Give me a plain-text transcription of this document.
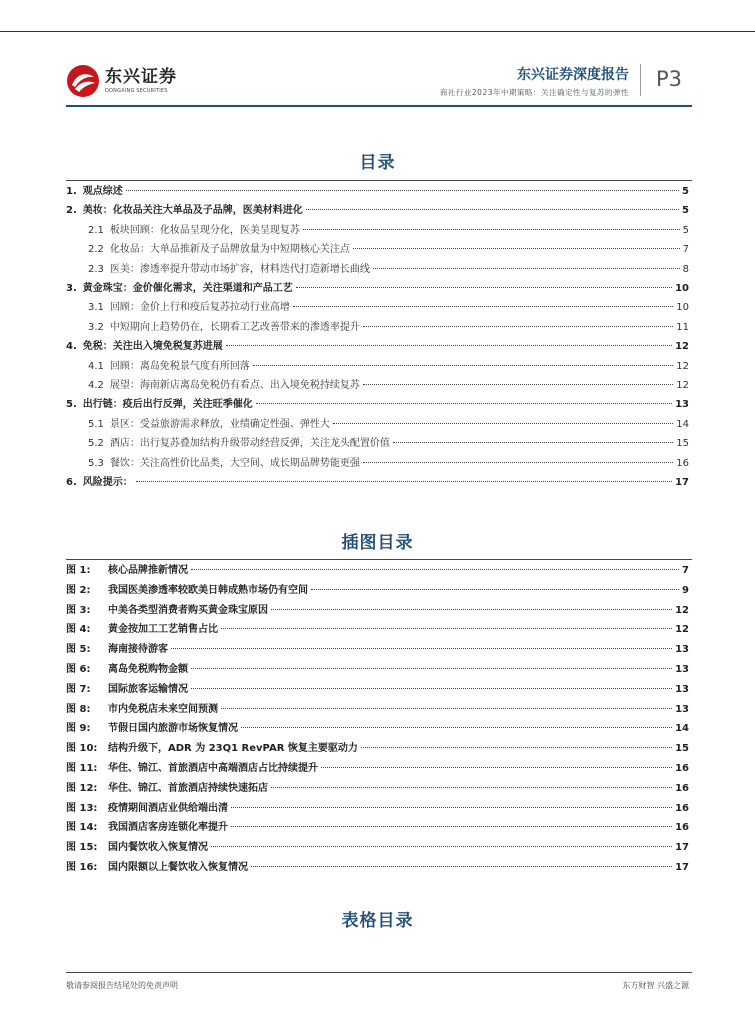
东兴证券
DONGXING SECURITIES
东兴证券深度报告
商社行业2023年中期策略：关注确定性与复苏的弹性
P3
目录
1. 观点综述	5
2. 美妆：化妆品关注大单品及子品牌，医美材料进化	5
2.1 板块回顾：化妆品呈现分化，医美呈现复苏	5
2.2 化妆品：大单品推新及子品牌放量为中短期核心关注点	7
2.3 医美：渗透率提升带动市场扩容，材料迭代打造新增长曲线	8
3. 黄金珠宝：金价催化需求，关注渠道和产品工艺	10
3.1 回顾：金价上行和疫后复苏拉动行业高增	10
3.2 中短期向上趋势仍在，长期看工艺改善带来的渗透率提升	11
4. 免税：关注出入境免税复苏进展	12
4.1 回顾：离岛免税景气度有所回落	12
4.2 展望：海南新店离岛免税仍有看点、出入境免税持续复苏	12
5. 出行链：疫后出行反弹，关注旺季催化	13
5.1 景区：受益旅游需求释放，业绩确定性强、弹性大	14
5.2 酒店：出行复苏叠加结构升级带动经营反弹，关注龙头配置价值	15
5.3 餐饮：关注高性价比品类，大空间、成长期品牌势能更强	16
6. 风险提示：	17
插图目录
图 1:	核心品牌推新情况	7
图 2:	我国医美渗透率较欧美日韩成熟市场仍有空间	9
图 3:	中美各类型消费者购买黄金珠宝原因	12
图 4:	黄金按加工工艺销售占比	12
图 5:	海南接待游客	13
图 6:	离岛免税购物金额	13
图 7:	国际旅客运输情况	13
图 8:	市内免税店未来空间预测	13
图 9:	节假日国内旅游市场恢复情况	14
图 10:	结构升级下，ADR 为 23Q1 RevPAR 恢复主要驱动力	15
图 11:	华住、锦江、首旅酒店中高端酒店占比持续提升	16
图 12:	华住、锦江、首旅酒店持续快速拓店	16
图 13:	疫情期间酒店业供给端出清	16
图 14:	我国酒店客房连锁化率提升	16
图 15:	国内餐饮收入恢复情况	17
图 16:	国内限额以上餐饮收入恢复情况	17
表格目录
敬请参阅报告结尾处的免责声明	东方财智 兴盛之源
